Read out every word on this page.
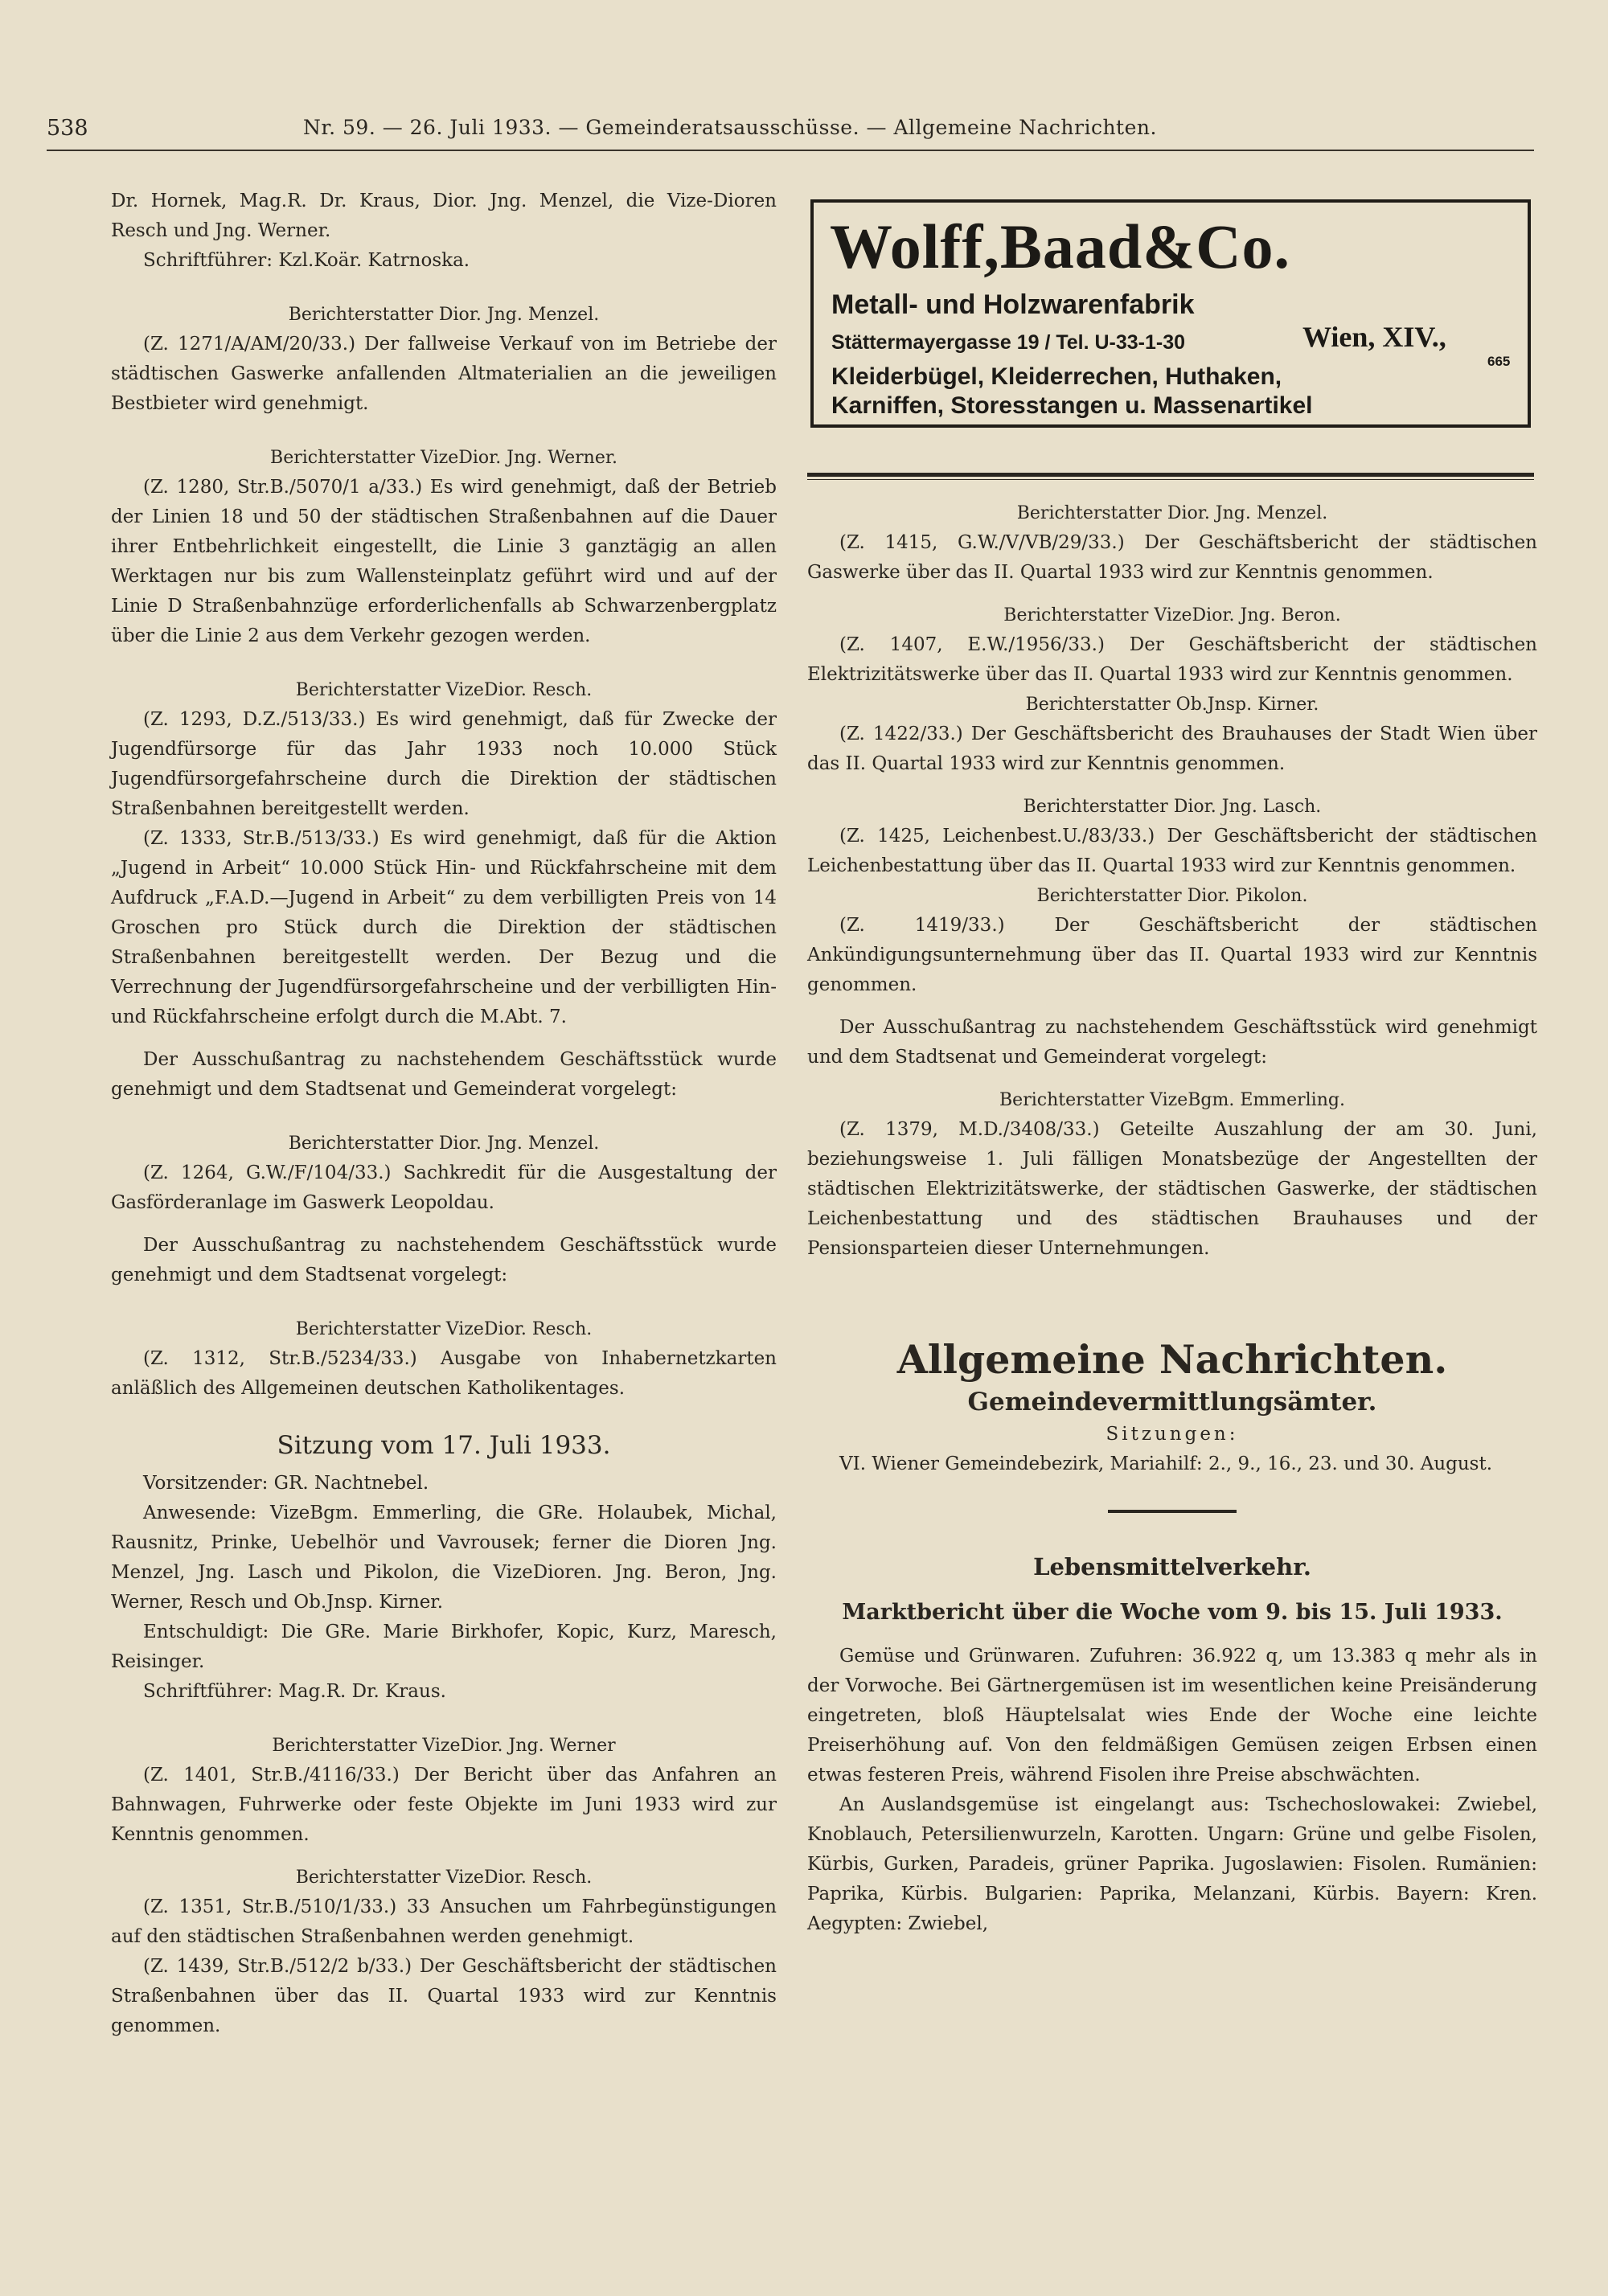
538	Nr. 59. — 26. Juli 1933. — Gemeinderatsausschüsse. — Allgemeine Nachrichten.

Dr. Hornek, Mag.R. Dr. Kraus, Dior. Jng. Menzel, die Vize-Dioren Resch und Jng. Werner.

Schriftführer: Kzl.Koär. Katrnoska.

Berichterstatter Dior. Jng. Menzel.

(Z. 1271/A/AM/20/33.) Der fallweise Verkauf von im Betriebe der städtischen Gaswerke anfallenden Altmaterialien an die jeweiligen Bestbieter wird genehmigt.

Berichterstatter VizeDior. Jng. Werner.

(Z. 1280, Str.B./5070/1 a/33.) Es wird genehmigt, daß der Betrieb der Linien 18 und 50 der städtischen Straßenbahnen auf die Dauer ihrer Entbehrlichkeit eingestellt, die Linie 3 ganztägig an allen Werktagen nur bis zum Wallensteinplatz geführt wird und auf der Linie D Straßenbahnzüge erforderlichenfalls ab Schwarzenbergplatz über die Linie 2 aus dem Verkehr gezogen werden.

Berichterstatter VizeDior. Resch.

(Z. 1293, D.Z./513/33.) Es wird genehmigt, daß für Zwecke der Jugendfürsorge für das Jahr 1933 noch 10.000 Stück Jugendfürsorgefahrscheine durch die Direktion der städtischen Straßenbahnen bereitgestellt werden.

(Z. 1333, Str.B./513/33.) Es wird genehmigt, daß für die Aktion „Jugend in Arbeit“ 10.000 Stück Hin- und Rückfahrscheine mit dem Aufdruck „F.A.D.—Jugend in Arbeit“ zu dem verbilligten Preis von 14 Groschen pro Stück durch die Direktion der städtischen Straßenbahnen bereitgestellt werden. Der Bezug und die Verrechnung der Jugendfürsorgefahrscheine und der verbilligten Hin- und Rückfahrscheine erfolgt durch die M.Abt. 7.

Der Ausschußantrag zu nachstehendem Geschäftsstück wurde genehmigt und dem Stadtsenat und Gemeinderat vorgelegt:

Berichterstatter Dior. Jng. Menzel.

(Z. 1264, G.W./F/104/33.) Sachkredit für die Ausgestaltung der Gasförderanlage im Gaswerk Leopoldau.

Der Ausschußantrag zu nachstehendem Geschäftsstück wurde genehmigt und dem Stadtsenat vorgelegt:

Berichterstatter VizeDior. Resch.

(Z. 1312, Str.B./5234/33.) Ausgabe von Inhabernetzkarten anläßlich des Allgemeinen deutschen Katholikentages.

Sitzung vom 17. Juli 1933.

Vorsitzender: GR. Nachtnebel.

Anwesende: VizeBgm. Emmerling, die GRe. Holaubek, Michal, Rausnitz, Prinke, Uebelhör und Vavrousek; ferner die Dioren Jng. Menzel, Jng. Lasch und Pikolon, die VizeDioren. Jng. Beron, Jng. Werner, Resch und Ob.Jnsp. Kirner.

Entschuldigt: Die GRe. Marie Birkhofer, Kopic, Kurz, Maresch, Reisinger.

Schriftführer: Mag.R. Dr. Kraus.

Berichterstatter VizeDior. Jng. Werner

(Z. 1401, Str.B./4116/33.) Der Bericht über das Anfahren an Bahnwagen, Fuhrwerke oder feste Objekte im Juni 1933 wird zur Kenntnis genommen.

Berichterstatter VizeDior. Resch.

(Z. 1351, Str.B./510/1/33.) 33 Ansuchen um Fahrbegünstigungen auf den städtischen Straßenbahnen werden genehmigt.

(Z. 1439, Str.B./512/2 b/33.) Der Geschäftsbericht der städtischen Straßenbahnen über das II. Quartal 1933 wird zur Kenntnis genommen.

Wolff,Baad&Co.
Metall- und Holzwarenfabrik
Stättermayergasse 19 / Tel. U-33-1-30	Wien, XIV.,
665
Kleiderbügel, Kleiderrechen, Huthaken,
Karniffen, Storesstangen u. Massenartikel

Berichterstatter Dior. Jng. Menzel.

(Z. 1415, G.W./V/VB/29/33.) Der Geschäftsbericht der städtischen Gaswerke über das II. Quartal 1933 wird zur Kenntnis genommen.

Berichterstatter VizeDior. Jng. Beron.

(Z. 1407, E.W./1956/33.) Der Geschäftsbericht der städtischen Elektrizitätswerke über das II. Quartal 1933 wird zur Kenntnis genommen.

Berichterstatter Ob.Jnsp. Kirner.

(Z. 1422/33.) Der Geschäftsbericht des Brauhauses der Stadt Wien über das II. Quartal 1933 wird zur Kenntnis genommen.

Berichterstatter Dior. Jng. Lasch.

(Z. 1425, Leichenbest.U./83/33.) Der Geschäftsbericht der städtischen Leichenbestattung über das II. Quartal 1933 wird zur Kenntnis genommen.

Berichterstatter Dior. Pikolon.

(Z. 1419/33.) Der Geschäftsbericht der städtischen Ankündigungsunternehmung über das II. Quartal 1933 wird zur Kenntnis genommen.

Der Ausschußantrag zu nachstehendem Geschäftsstück wird genehmigt und dem Stadtsenat und Gemeinderat vorgelegt:

Berichterstatter VizeBgm. Emmerling.

(Z. 1379, M.D./3408/33.) Geteilte Auszahlung der am 30. Juni, beziehungsweise 1. Juli fälligen Monatsbezüge der Angestellten der städtischen Elektrizitätswerke, der städtischen Gaswerke, der städtischen Leichenbestattung und des städtischen Brauhauses und der Pensionsparteien dieser Unternehmungen.

Allgemeine Nachrichten.

Gemeindevermittlungsämter.

Sitzungen:

VI. Wiener Gemeindebezirk, Mariahilf: 2., 9., 16., 23. und 30. August.

Lebensmittelverkehr.

Marktbericht über die Woche vom 9. bis 15. Juli 1933.

Gemüse und Grünwaren. Zufuhren: 36.922 q, um 13.383 q mehr als in der Vorwoche. Bei Gärtnergemüsen ist im wesentlichen keine Preisänderung eingetreten, bloß Häuptelsalat wies Ende der Woche eine leichte Preiserhöhung auf. Von den feldmäßigen Gemüsen zeigen Erbsen einen etwas festeren Preis, während Fisolen ihre Preise abschwächten.

An Auslandsgemüse ist eingelangt aus: Tschechoslowakei: Zwiebel, Knoblauch, Petersilienwurzeln, Karotten. Ungarn: Grüne und gelbe Fisolen, Kürbis, Gurken, Paradeis, grüner Paprika. Jugoslawien: Fisolen. Rumänien: Paprika, Kürbis. Bulgarien: Paprika, Melanzani, Kürbis. Bayern: Kren. Aegypten: Zwiebel,
